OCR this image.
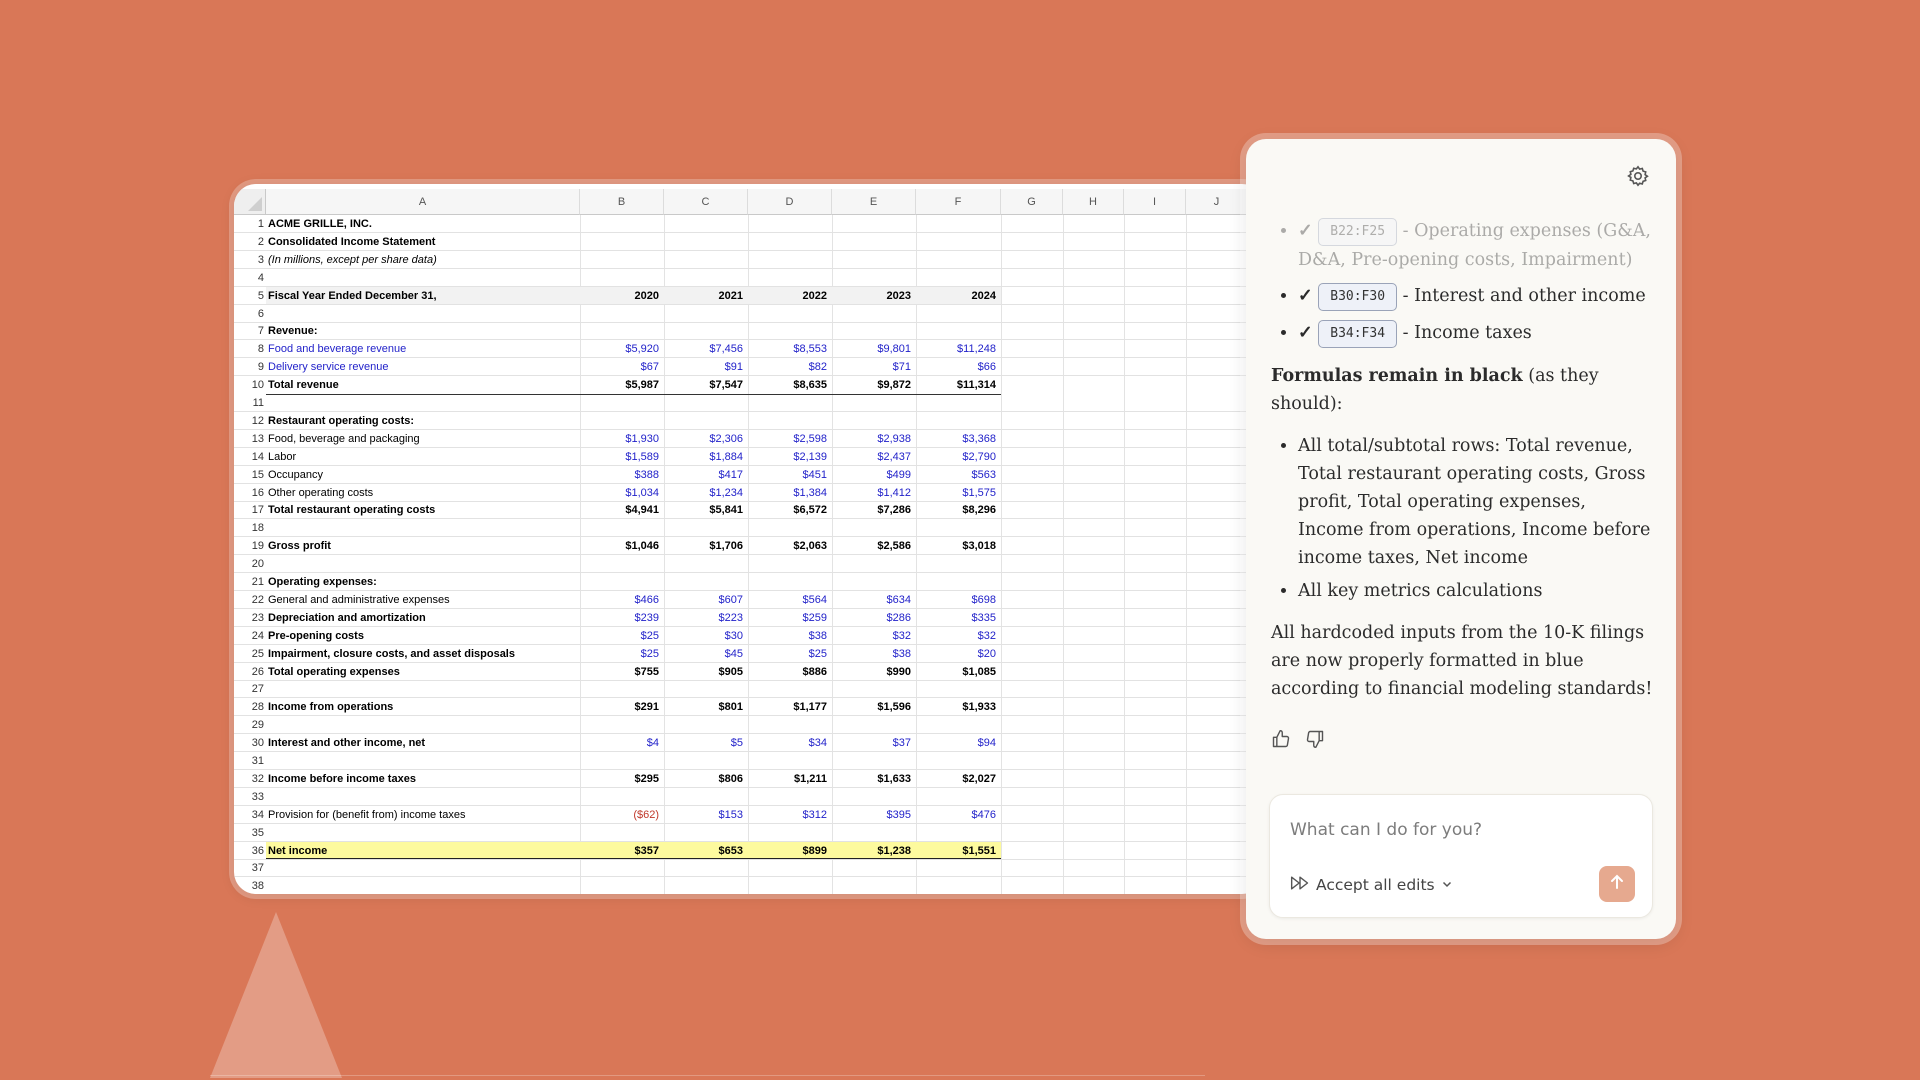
A	B	C	D	E	F	G	H	I	J
1 ACME GRILLE, INC.
2 Consolidated Income Statement
3 (In millions, except per share data)
4
5 Fiscal Year Ended December 31,	2020	2021	2022	2023	2024
6
7 Revenue:
8 Food and beverage revenue	$5,920	$7,456	$8,553	$9,801	$11,248
9 Delivery service revenue	$67	$91	$82	$71	$66
10 Total revenue	$5,987	$7,547	$8,635	$9,872	$11,314
11
12 Restaurant operating costs:
13 Food, beverage and packaging	$1,930	$2,306	$2,598	$2,938	$3,368
14 Labor	$1,589	$1,884	$2,139	$2,437	$2,790
15 Occupancy	$388	$417	$451	$499	$563
16 Other operating costs	$1,034	$1,234	$1,384	$1,412	$1,575
17 Total restaurant operating costs	$4,941	$5,841	$6,572	$7,286	$8,296
18
19 Gross profit	$1,046	$1,706	$2,063	$2,586	$3,018
20
21 Operating expenses:
22 General and administrative expenses	$466	$607	$564	$634	$698
23 Depreciation and amortization	$239	$223	$259	$286	$335
24 Pre-opening costs	$25	$30	$38	$32	$32
25 Impairment, closure costs, and asset disposals	$25	$45	$25	$38	$20
26 Total operating expenses	$755	$905	$886	$990	$1,085
27
28 Income from operations	$291	$801	$1,177	$1,596	$1,933
29
30 Interest and other income, net	$4	$5	$34	$37	$94
31
32 Income before income taxes	$295	$806	$1,211	$1,633	$2,027
33
34 Provision for (benefit from) income taxes	($62)	$153	$312	$395	$476
35
36 Net income	$357	$653	$899	$1,238	$1,551
37
38
• ✓ B22:F25 - Operating expenses (G&A, D&A, Pre-opening costs, Impairment)
• ✓ B30:F30 - Interest and other income
• ✓ B34:F34 - Income taxes

Formulas remain in black (as they should):

• All total/subtotal rows: Total revenue, Total restaurant operating costs, Gross profit, Total operating expenses, Income from operations, Income before income taxes, Net income
• All key metrics calculations

All hardcoded inputs from the 10-K filings are now properly formatted in blue according to financial modeling standards!

What can I do for you?
Accept all edits
